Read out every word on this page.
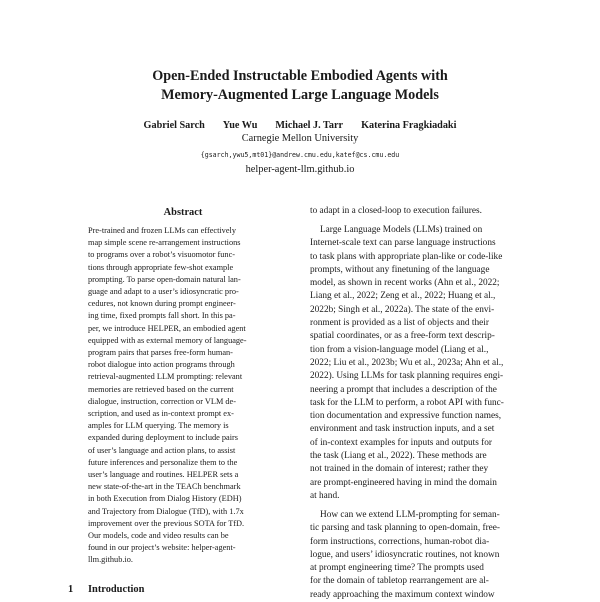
Open-Ended Instructable Embodied Agents with
Memory-Augmented Large Language Models
Gabriel Sarch Yue Wu Michael J. Tarr Katerina Fragkiadaki
Carnegie Mellon University
{gsarch,ywu5,mt01}@andrew.cmu.edu,katef@cs.cmu.edu
helper-agent-llm.github.io
Abstract
Pre-trained and frozen LLMs can effectively
map simple scene re-arrangement instructions
to programs over a robot’s visuomotor func-
tions through appropriate few-shot example
prompting. To parse open-domain natural lan-
guage and adapt to a user’s idiosyncratic pro-
cedures, not known during prompt engineer-
ing time, fixed prompts fall short. In this pa-
per, we introduce HELPER, an embodied agent
equipped with as external memory of language-
program pairs that parses free-form human-
robot dialogue into action programs through
retrieval-augmented LLM prompting: relevant
memories are retrieved based on the current
dialogue, instruction, correction or VLM de-
scription, and used as in-context prompt ex-
amples for LLM querying. The memory is
expanded during deployment to include pairs
of user’s language and action plans, to assist
future inferences and personalize them to the
user’s language and routines. HELPER sets a
new state-of-the-art in the TEACh benchmark
in both Execution from Dialog History (EDH)
and Trajectory from Dialogue (TfD), with 1.7x
improvement over the previous SOTA for TfD.
Our models, code and video results can be
found in our project’s website: helper-agent-
llm.github.io.
to adapt in a closed-loop to execution failures.
Large Language Models (LLMs) trained on
Internet-scale text can parse language instructions
to task plans with appropriate plan-like or code-like
prompts, without any finetuning of the language
model, as shown in recent works (Ahn et al., 2022;
Liang et al., 2022; Zeng et al., 2022; Huang et al.,
2022b; Singh et al., 2022a). The state of the envi-
ronment is provided as a list of objects and their
spatial coordinates, or as a free-form text descrip-
tion from a vision-language model (Liang et al.,
2022; Liu et al., 2023b; Wu et al., 2023a; Ahn et al.,
2022). Using LLMs for task planning requires engi-
neering a prompt that includes a description of the
task for the LLM to perform, a robot API with func-
tion documentation and expressive function names,
environment and task instruction inputs, and a set
of in-context examples for inputs and outputs for
the task (Liang et al., 2022). These methods are
not trained in the domain of interest; rather they
are prompt-engineered having in mind the domain
at hand.
How can we extend LLM-prompting for seman-
tic parsing and task planning to open-domain, free-
form instructions, corrections, human-robot dia-
logue, and users’ idiosyncratic routines, not known
at prompt engineering time? The prompts used
for the domain of tabletop rearrangement are al-
ready approaching the maximum context window
1 Introduction
